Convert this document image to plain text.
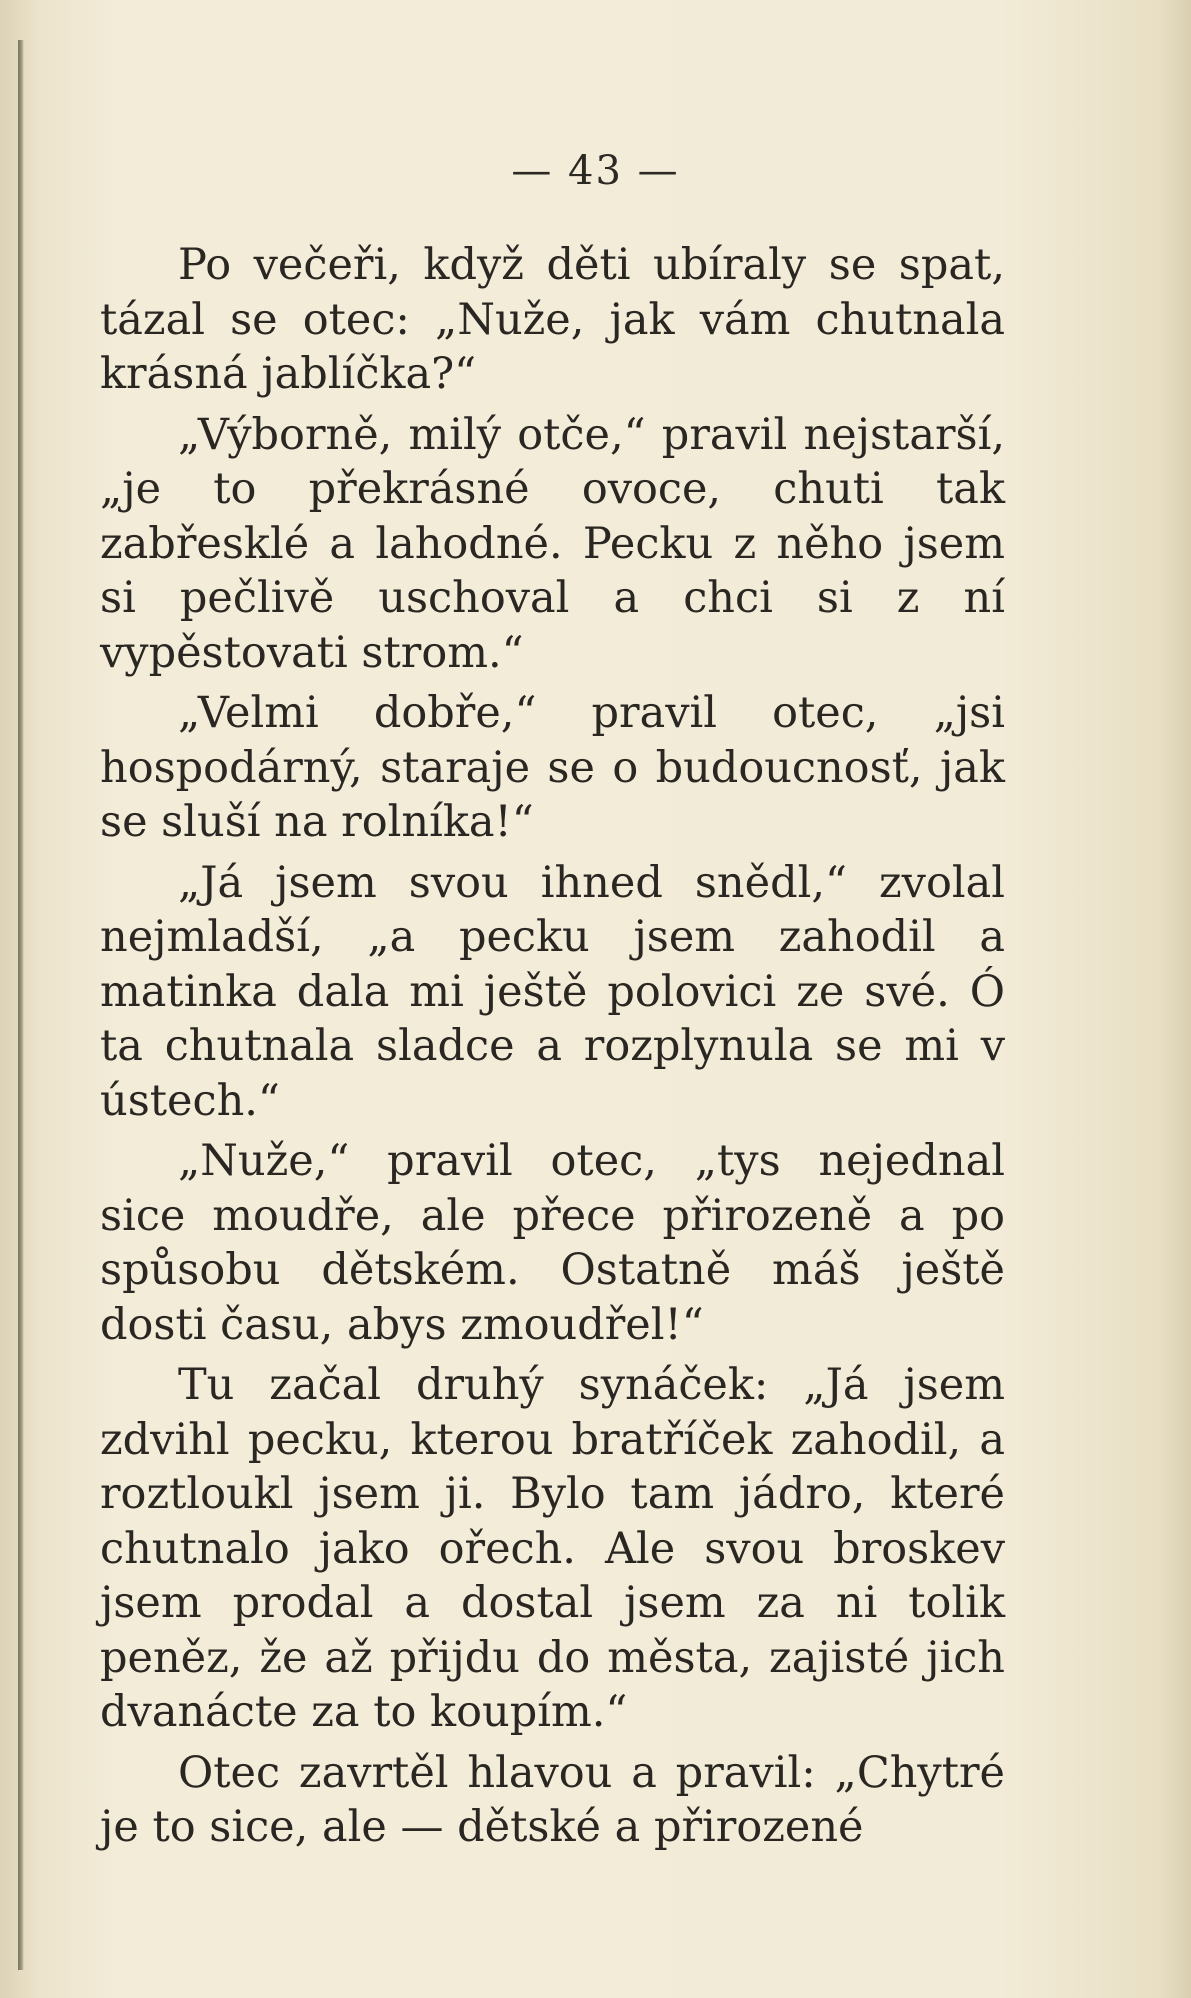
— 43 —

Po večeři, když děti ubíraly se spat, tázal se otec: „Nuže, jak vám chutnala krásná jablíčka?“

„Výborně, milý otče,“ pravil nejstarší, „je to překrásné ovoce, chuti tak zabřesklé a lahodné. Pecku z něho jsem si pečlivě uschoval a chci si z ní vypěstovati strom.“

„Velmi dobře,“ pravil otec, „jsi hospodárný, staraje se o budoucnosť, jak se sluší na rolníka!“

„Já jsem svou ihned snědl,“ zvolal nejmladší, „a pecku jsem zahodil a matinka dala mi ještě polovici ze své. Ó ta chutnala sladce a rozplynula se mi v ústech.“

„Nuže,“ pravil otec, „tys nejednal sice moudře, ale přece přirozeně a po spůsobu dětském. Ostatně máš ještě dosti času, abys zmoudřel!“

Tu začal druhý synáček: „Já jsem zdvihl pecku, kterou bratříček zahodil, a roztloukl jsem ji. Bylo tam jádro, které chutnalo jako ořech. Ale svou broskev jsem prodal a dostal jsem za ni tolik peněz, že až přijdu do města, zajisté jich dvanácte za to koupím.“

Otec zavrtěl hlavou a pravil: „Chytré je to sice, ale — dětské a přirozené
